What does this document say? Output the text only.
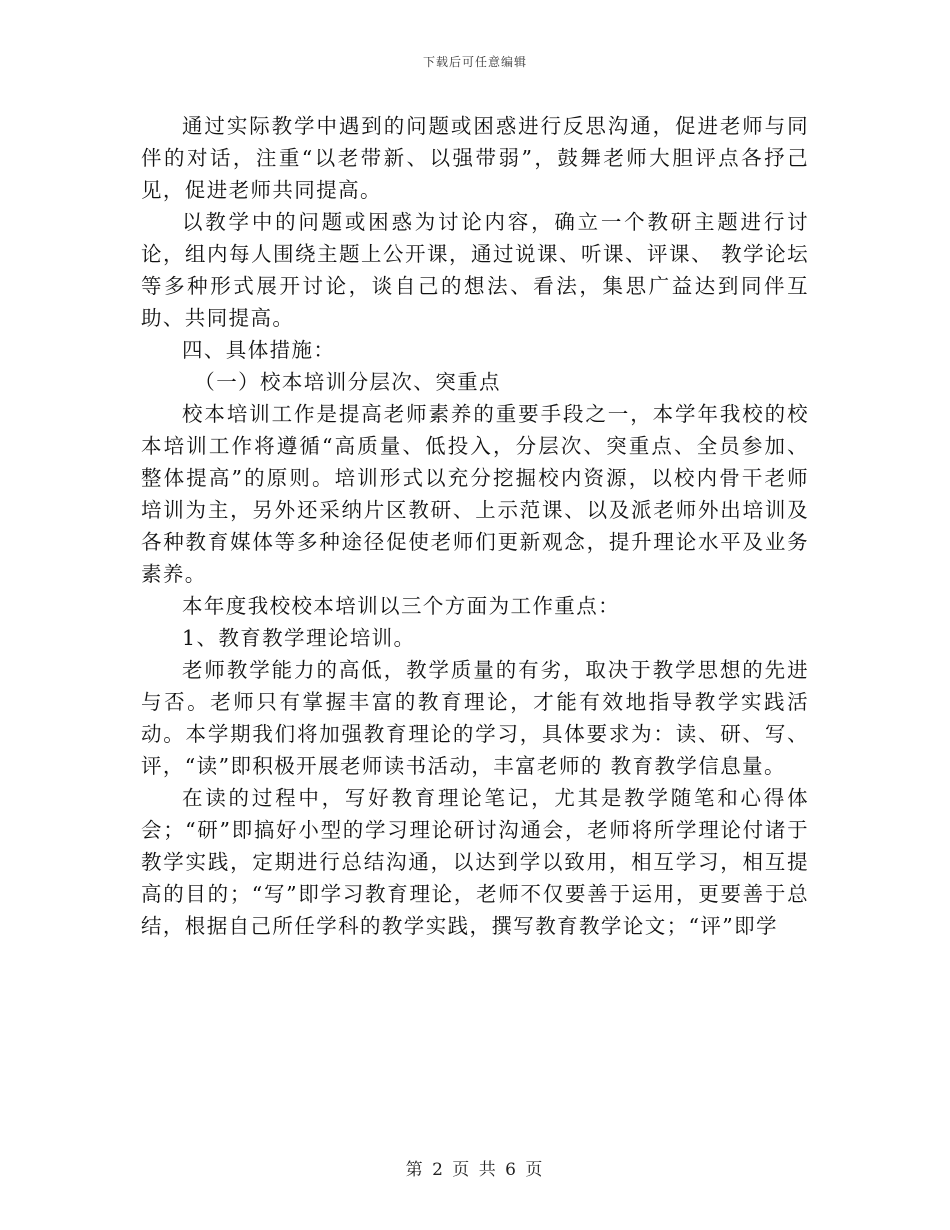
下载后可任意编辑

通过实际教学中遇到的问题或困惑进行反思沟通，促进老师与同伴的对话，注重“以老带新、以强带弱”，鼓舞老师大胆评点各抒己见，促进老师共同提高。

以教学中的问题或困惑为讨论内容，确立一个教研主题进行讨论，组内每人围绕主题上公开课，通过说课、听课、评课、 教学论坛等多种形式展开讨论，谈自己的想法、看法，集思广益达到同伴互助、共同提高。

四、具体措施：

（一）校本培训分层次、突重点

校本培训工作是提高老师素养的重要手段之一，本学年我校的校本培训工作将遵循“高质量、低投入，分层次、突重点、全员参加、整体提高”的原则。培训形式以充分挖掘校内资源，以校内骨干老师培训为主，另外还采纳片区教研、上示范课、以及派老师外出培训及各种教育媒体等多种途径促使老师们更新观念，提升理论水平及业务素养。

本年度我校校本培训以三个方面为工作重点：

1、教育教学理论培训。

老师教学能力的高低，教学质量的有劣，取决于教学思想的先进与否。老师只有掌握丰富的教育理论，才能有效地指导教学实践活动。本学期我们将加强教育理论的学习，具体要求为：读、研、写、评，“读”即积极开展老师读书活动，丰富老师的 教育教学信息量。

在读的过程中，写好教育理论笔记，尤其是教学随笔和心得体会；“研”即搞好小型的学习理论研讨沟通会，老师将所学理论付诸于教学实践，定期进行总结沟通，以达到学以致用，相互学习，相互提高的目的；“写”即学习教育理论，老师不仅要善于运用，更要善于总结，根据自己所任学科的教学实践，撰写教育教学论文；“评”即学

第 2 页 共 6 页
